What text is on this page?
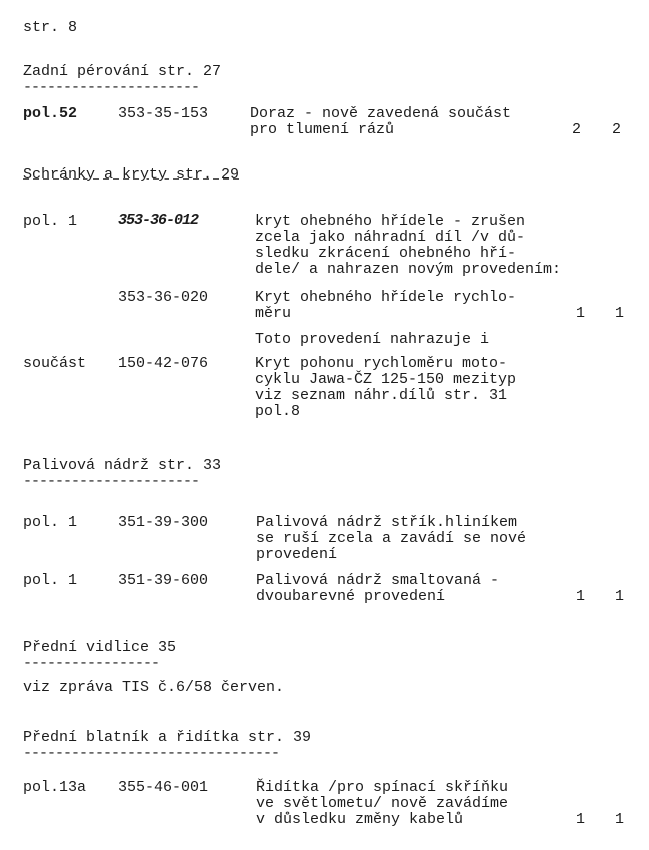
str. 8
Zadní pérování str. 27
----------------------
pol.52	353-35-153	Doraz - nově zavedená součást
pro tlumení rázů	2 2
Schránky a kryty str. 29
pol. 1	353-36-012	kryt ohebného hřídele - zrušen
zcela jako náhradní díl /v dů-
sledku zkrácení ohebného hří-
dele/ a nahrazen novým provedením:
353-36-020	Kryt ohebného hřídele rychlo-
měru	1 1
Toto provedení nahrazuje i
součást 150-42-076	Kryt pohonu rychloměru moto-
cyklu Jawa-ČZ 125-150 mezityp
viz seznam náhr.dílů str. 31
pol.8
Palivová nádrž str. 33
----------------------
pol. 1	351-39-300	Palivová nádrž střík.hliníkem
se ruší zcela a zavádí se nové
provedení
pol. 1	351-39-600	Palivová nádrž smaltovaná -
dvoubarevné provedení	1 1
Přední vidlice 35
-----------------
viz zpráva TIS č.6/58 červen.
Přední blatník a řidítka str. 39
--------------------------------
pol.13a 355-46-001	Řidítka /pro spínací skříňku
ve světlometu/ nově zavádíme
v důsledku změny kabelů	1 1
